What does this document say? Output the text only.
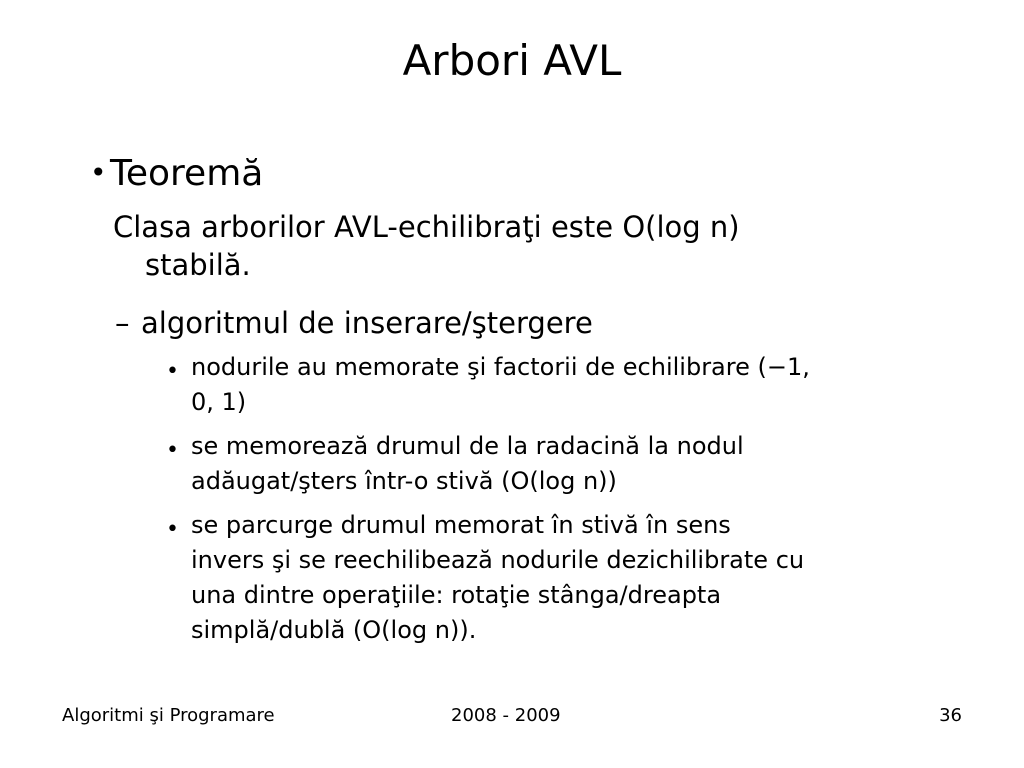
Arbori AVL
•Teoremă
Clasa arborilor AVL-echilibraţi este O(log n)
stabilă.
– algoritmul de inserare/ştergere
• nodurile au memorate şi factorii de echilibrare (−1,
0, 1)
• se memorează drumul de la radacină la nodul
adăugat/şters într-o stivă (O(log n))
• se parcurge drumul memorat în stivă în sens
invers şi se reechilibează nodurile dezichilibrate cu
una dintre operaţiile: rotaţie stânga/dreapta
simplă/dublă (O(log n)).
Algoritmi şi Programare	2008 - 2009	36
